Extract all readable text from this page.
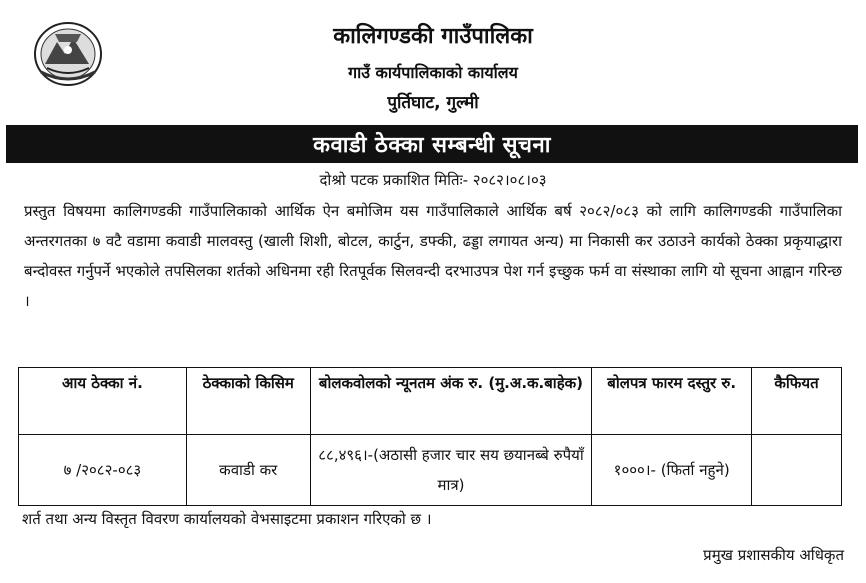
कालिगण्डकी गाउँपालिका
गाउँ कार्यपालिकाको कार्यालय
पुर्तिघाट, गुल्मी
कवाडी ठेक्का सम्बन्धी सूचना
दोश्रो पटक प्रकाशित मितिः- २०८२।०८।०३
प्रस्तुत विषयमा कालिगण्डकी गाउँपालिकाको आर्थिक ऐन बमोजिम यस गाउँपालिकाले आर्थिक बर्ष २०८२/०८३ को लागि कालिगण्डकी गाउँपालिका अन्तरगतका ७ वटै वडामा कवाडी मालवस्तु (खाली शिशी, बोटल, कार्टुन, डफ्की, ढड्डा लगायत अन्य) मा निकासी कर उठाउने कार्यको ठेक्का प्रकृयाद्धारा बन्दोवस्त गर्नुपर्ने भएकोले तपसिलका शर्तको अधिनमा रही रितपूर्वक सिलवन्दी दरभाउपत्र पेश गर्न इच्छुक फर्म वा संस्थाका लागि यो सूचना आह्वान गरिन्छ ।
आय ठेक्का नं.	ठेक्काको किसिम	बोलकवोलको न्यूनतम अंक रु. (मु.अ.क.बाहेक)	बोलपत्र फारम दस्तुर रु.	कैफियत
७ /२०८२-०८३	कवाडी कर	८८,४९६।-(अठासी हजार चार सय छयानब्बे रुपैयाँ मात्र)	१०००।- (फिर्ता नहुने)	
शर्त तथा अन्य विस्तृत विवरण कार्यालयको वेभसाइटमा प्रकाशन गरिएको छ ।
प्रमुख प्रशासकीय अधिकृत
